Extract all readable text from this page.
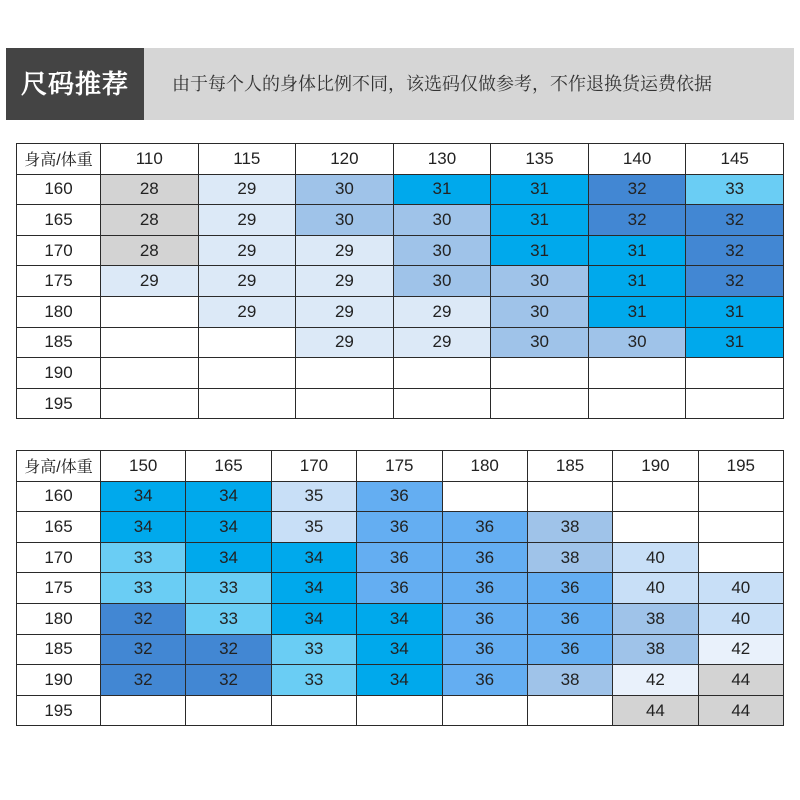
尺码推荐	由于每个人的身体比例不同，该选码仅做参考，不作退换货运费依据
身高/体重	110	115	120	130	135	140	145
160	28	29	30	31	31	32	33
165	28	29	30	30	31	32	32
170	28	29	29	30	31	31	32
175	29	29	29	30	30	31	32
180		29	29	29	30	31	31
185			29	29	30	30	31
190							
195							
身高/体重	150	165	170	175	180	185	190	195
160	34	34	35	36				
165	34	34	35	36	36	38		
170	33	34	34	36	36	38	40	
175	33	33	34	36	36	36	40	40
180	32	33	34	34	36	36	38	40
185	32	32	33	34	36	36	38	42
190	32	32	33	34	36	38	42	44
195							44	44
